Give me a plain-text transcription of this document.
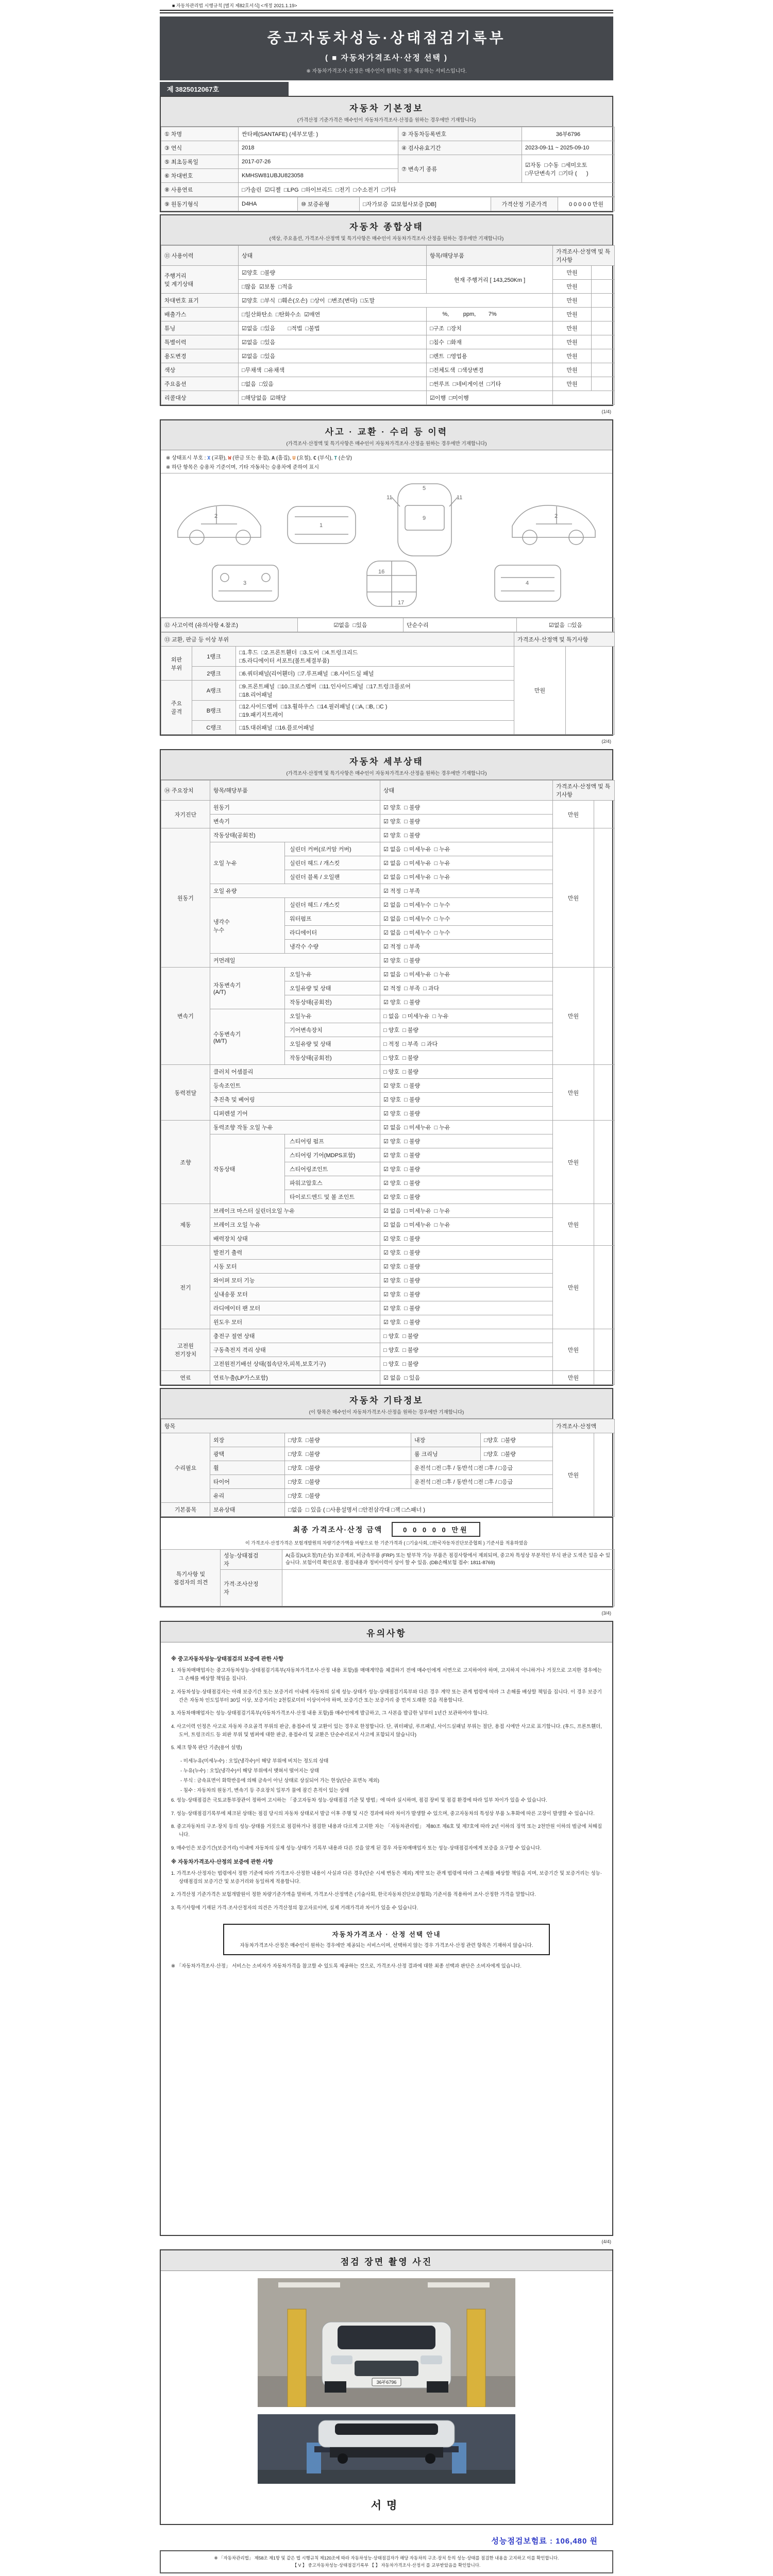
■ 자동차관리법 시행규칙 [별지 제82호서식] <개정 2021.1.19>
중고자동차성능·상태점검기록부
( ■ 자동차가격조사·산정 선택 )
※ 자동차가격조사·산정은 매수인이 원하는 경우 제공하는 서비스입니다.
제 3825012067호
자동차 기본정보
(가격산정 기준가격은 매수인이 자동차가격조사·산정을 원하는 경우에만 기재합니다)
① 차명	싼타페(SANTAFE) (세부모델: )	② 자동차등록번호	36부6796
③ 연식	2018	④ 검사유효기간	2023-09-11 ~ 2025-09-10
⑤ 최초등록일	2017-07-26	⑦ 변속기 종류	☑자동  □수동  □세미오토
□무단변속기  □기타 (      )
⑥ 차대번호	KMHSW81UBJU823058		
⑧ 사용연료	□가솔린  ☑디젤  □LPG  □하이브리드  □전기  □수소전기  □기타		
⑨ 원동기형식	D4HA	⑩ 보증유형	□자가보증  ☑보험사보증 [DB]	가격산정 기준가격	0 0 0 0 0 만원
자동차 종합상태
(색상, 주요옵션, 가격조사·산정액 및 특기사항은 매수인이 자동차가격조사·산정을 원하는 경우에만 기재합니다)
⑪ 사용이력	상태	항목/해당부품	가격조사·산정액 및 특기사항	
주행거리
및 계기상태	☑양호  □불량	현재 주행거리 [ 143,250Km ]	만원	
	□많음  ☑보통  □적음		만원	
차대번호 표기	☑양호  □부식  □훼손(오손)  □상이  □변조(변타)  □도말		만원	
배출가스	□일산화탄소  □탄화수소  ☑매연	%,         ppm,        7%	만원	
튜닝	☑없음  □있음        □적법  □불법	□구조  □장치	만원	
특별이력	☑없음  □있음	□침수  □화재	만원	
용도변경	☑없음  □있음	□렌트  □영업용	만원	
색상	□무채색  □유채색	□전체도색  □색상변경	만원	
주요옵션	□없음  □있음	□썬루프  □네비게이션  □기타	만원	
리콜대상	□해당없음  ☑해당	☑이행  □미이행		
(1/4)
사고 · 교환 · 수리 등 이력
(가격조사·산정액 및 특기사항은 매수인이 자동차가격조사·산정을 원하는 경우에만 기재합니다)
※ 상태표시 부호 : X (교환), W (판금 또는 용접), A (흠집), U (요철), C (부식), T (손상)
※ 하단 항목은 승용차 기준이며, 기타 자동차는 승용차에 준하여 표시
2
1
11	11
5
9	2
3
16
17
4
⑫ 사고이력 (유의사항 4.참조)	☑없음  □있음	단순수리	☑없음  □있음
⑬ 교환, 판금 등 이상 부위			가격조사·산정액 및 특기사항	
외판
부위	1랭크	□1.후드  □2.프론트휀더  □3.도어  □4.트렁크리드
□5.라디에이터 서포트(볼트체결부품)	만원	
	2랭크	□6.쿼터패널(리어휀더)  □7.루프패널  □8.사이드실 패널		
주요
골격	A랭크	□9.프론트패널  □10.크로스멤버  □11.인사이드패널  □17.트렁크플로어
□18.리어패널		
	B랭크	□12.사이드멤버  □13.휠하우스  □14.필러패널 ( □A, □B, □C )
□19.패키지트레이		
	C랭크	□15.대쉬패널  □16.플로어패널		
(2/4)
자동차 세부상태
(가격조사·산정액 및 특기사항은 매수인이 자동차가격조사·산정을 원하는 경우에만 기재합니다)
⑭ 주요장치	항목/해당부품		상태	가격조사·산정액 및 특기사항	
자기진단	원동기		☑ 양호  □ 불량	만원	
	변속기		☑ 양호  □ 불량		
원동기	작동상태(공회전)		☑ 양호  □ 불량	만원	
	오일 누유	실린더 커버(로커암 커버)	☑ 없음  □ 미세누유  □ 누유		
		실린더 헤드 / 개스킷	☑ 없음  □ 미세누유  □ 누유		
		실린더 블록 / 오일팬	☑ 없음  □ 미세누유  □ 누유		
	오일 유량		☑ 적정  □ 부족		
	냉각수
누수	실린더 헤드 / 개스킷	☑ 없음  □ 미세누수  □ 누수		
		워터펌프	☑ 없음  □ 미세누수  □ 누수		
		라디에이터	☑ 없음  □ 미세누수  □ 누수		
		냉각수 수량	☑ 적정  □ 부족		
	커먼레일		☑ 양호  □ 불량		
변속기	자동변속기
(A/T)	오일누유	☑ 없음  □ 미세누유  □ 누유	만원	
		오일유량 및 상태	☑ 적정  □ 부족  □ 과다		
		작동상태(공회전)	☑ 양호  □ 불량		
	수동변속기
(M/T)	오일누유	□ 없음  □ 미세누유  □ 누유		
		기어변속장치	□ 양호  □ 불량		
		오일유량 및 상태	□ 적정  □ 부족  □ 과다		
		작동상태(공회전)	□ 양호  □ 불량		
동력전달	클러치 어셈블리		□ 양호  □ 불량	만원	
	등속조인트		☑ 양호  □ 불량		
	추진축 및 베어링		☑ 양호  □ 불량		
	디퍼렌셜 기어		☑ 양호  □ 불량		
조향	동력조향 작동 오일 누유		☑ 없음  □ 미세누유  □ 누유	만원	
	작동상태	스티어링 펌프	☑ 양호  □ 불량		
		스티어링 기어(MDPS포함)	☑ 양호  □ 불량		
		스티어링조인트	☑ 양호  □ 불량		
		파워고압호스	☑ 양호  □ 불량		
		타이로드엔드 및 볼 조인트	☑ 양호  □ 불량		
제동	브레이크 마스터 실린더오일 누유		☑ 없음  □ 미세누유  □ 누유	만원	
	브레이크 오일 누유		☑ 없음  □ 미세누유  □ 누유		
	배력장치 상태		☑ 양호  □ 불량		
전기	발전기 출력		☑ 양호  □ 불량	만원	
	시동 모터		☑ 양호  □ 불량		
	와이퍼 모터 기능		☑ 양호  □ 불량		
	실내송풍 모터		☑ 양호  □ 불량		
	라디에이터 팬 모터		☑ 양호  □ 불량		
	윈도우 모터		☑ 양호  □ 불량		
고전원
전기장치	충전구 절연 상태		□ 양호  □ 불량	만원	
	구동축전지 격리 상태		□ 양호  □ 불량		
	고전원전기배선 상태(접속단자,피복,보호기구)		□ 양호  □ 불량		
연료	연료누출(LP가스포함)		☑ 없음  □ 있음	만원	
자동차 기타정보
(이 항목은 매수인이 자동차가격조사·산정을 원하는 경우에만 기재합니다)
항목					가격조사·산정액	
수리필요	외장	□양호  □불량	내장	□양호  □불량	만원	
	광택	□양호  □불량	룸 크리닝	□양호  □불량		
	휠	□양호  □불량	운전석 □전 □후 / 동반석 □전 □후 / □응급			
	타이어	□양호  □불량	운전석 □전 □후 / 동반석 □전 □후 / □응급			
	유리	□양호  □불량				
기본품목	보유상태	□없음  □ 있음 ( □사용설명서 □안전삼각대 □잭 □스패너 )				
최종 가격조사·산정 금액	0 0 0 0 0 만원
이 가격조사·산정가격은 보험개발원의 차량기준가액을 바탕으로 한 기준가격과 ( □기술사회, □한국자동차진단보증협회 ) 기준서를 적용하였음
특기사항 및
점검자의 의견	성능·상태점검
자	A(흠집)U(요철)T(손상) 보증제외, 비금속부품 (FRP) 또는 탈부착 가능 부품은 점검사항에서 제외되며, 중고차 특성상 부분적인 부식 판금 도색은 있을 수 있습니다. 보험이력 확인요망. 점검내용과 정비이력이 상이 할 수 있음. (DB손해보험 접수: 1811-8769)
	가격·조사산정
자	
(3/4)
유의사항
※ 중고자동차성능·상태점검의 보증에 관한 사항
1. 자동차매매업자는 중고자동차성능·상태점검기록부(자동차가격조사·산정 내용 포함)를 매매계약을 체결하기 전에 매수인에게 서면으로 고지하여야 하며, 고지하지 아니하거나 거짓으로 고지한 경우에는 그 손해를 배상할 책임을 집니다.
2. 자동차성능·상태점검자는 아래 보증기간 또는 보증거리 이내에 자동차의 실제 성능·상태가 성능·상태점검기록부와 다른 경우 계약 또는 관계 법령에 따라 그 손해를 배상할 책임을 집니다. 이 경우 보증기간은 자동차 인도일부터 30일 이상, 보증거리는 2천킬로미터 이상이어야 하며, 보증기간 또는 보증거리 중 먼저 도래한 것을 적용합니다.
3. 자동차매매업자는 성능·상태점검기록부(자동차가격조사·산정 내용 포함)를 매수인에게 발급하고, 그 사본을 발급한 날부터 1년간 보관하여야 합니다.
4. 사고이력 인정은 사고로 자동차 주요골격 부위의 판금, 용접수리 및 교환이 있는 경우로 한정합니다. 단, 쿼터패널, 루프패널, 사이드실패널 부위는 절단, 용접 시에만 사고로 표기합니다. (후드, 프론트휀더, 도어, 트렁크리드 등 외판 부위 및 범퍼에 대한 판금, 용접수리 및 교환은 단순수리로서 사고에 포함되지 않습니다)
5. 체크 항목 판단 기준(용어 설명)
- 미세누유(미세누수) : 오일(냉각수)이 해당 부위에 비치는 정도의 상태
- 누유(누수) : 오일(냉각수)이 해당 부위에서 맺혀서 떨어지는 상태
- 부식 : 금속표면이 화학반응에 의해 금속이 아닌 상태로 상실되어 가는 현상(단순 표면녹 제외)
- 침수 : 자동차의 원동기, 변속기 등 주요장치 일부가 물에 잠긴 흔적이 있는 상태
6. 성능·상태점검은 국토교통부장관이 정하여 고시하는 「중고자동차 성능·상태점검 기준 및 방법」에 따라 실시하며, 점검 장비 및 점검 환경에 따라 일부 차이가 있을 수 있습니다.
7. 성능·상태점검기록부에 체크된 상태는 점검 당시의 자동차 상태로서 발급 이후 주행 및 시간 경과에 따라 차이가 발생할 수 있으며, 중고자동차의 특성상 부품 노후화에 따른 고장이 발생할 수 있습니다.
8. 중고자동차의 구조·장치 등의 성능·상태를 거짓으로 점검하거나 점검한 내용과 다르게 고지한 자는 「자동차관리법」 제80조 제6호 및 제7호에 따라 2년 이하의 징역 또는 2천만원 이하의 벌금에 처해집니다.
9. 매수인은 보증기간(보증거리) 이내에 자동차의 실제 성능·상태가 기록부 내용과 다른 것을 알게 된 경우 자동차매매업자 또는 성능·상태점검자에게 보증을 요구할 수 있습니다.
※ 자동차가격조사·산정의 보증에 관한 사항
1. 가격조사·산정자는 법령에서 정한 기준에 따라 가격조사·산정한 내용이 사실과 다른 경우(단순 시세 변동은 제외) 계약 또는 관계 법령에 따라 그 손해를 배상할 책임을 지며, 보증기간 및 보증거리는 성능·상태점검의 보증기간 및 보증거리와 동일하게 적용합니다.
2. 가격산정 기준가격은 보험개발원이 정한 차량기준가액을 말하며, 가격조사·산정액은 (기술사회, 한국자동차진단보증협회) 기준서를 적용하여 조사·산정한 가격을 말합니다.
3. 특기사항에 기재된 가격·조사산정자의 의견은 가격산정의 참고자료이며, 실제 거래가격과 차이가 있을 수 있습니다.
자동차가격조사 · 산정 선택 안내
자동차가격조사·산정은 매수인이 원하는 경우에만 제공되는 서비스이며, 선택하지 않는 경우 가격조사·산정 관련 항목은 기재하지 않습니다.
※ 「자동차가격조사·산정」 서비스는 소비자가 자동차가격을 참고할 수 있도록 제공하는 것으로, 가격조사·산정 결과에 대한 최종 선택과 판단은 소비자에게 있습니다.
(4/4)
점검 장면 촬영 사진
36부6796
서명
성능점검보험료 : 106,480 원
※ 「자동차관리법」 제58조 제1항 및 같은 법 시행규칙 제120조에 따라 자동차성능·상태점검자가 해당 자동차의 구조·장치 등의 성능·상태를 점검한 내용을 고지하고 이를 확인합니다.
【 V 】 중고자동차성능·상태점검기록부 【 】 자동차가격조사·산정서 를 교부받았음을 확인합니다.
